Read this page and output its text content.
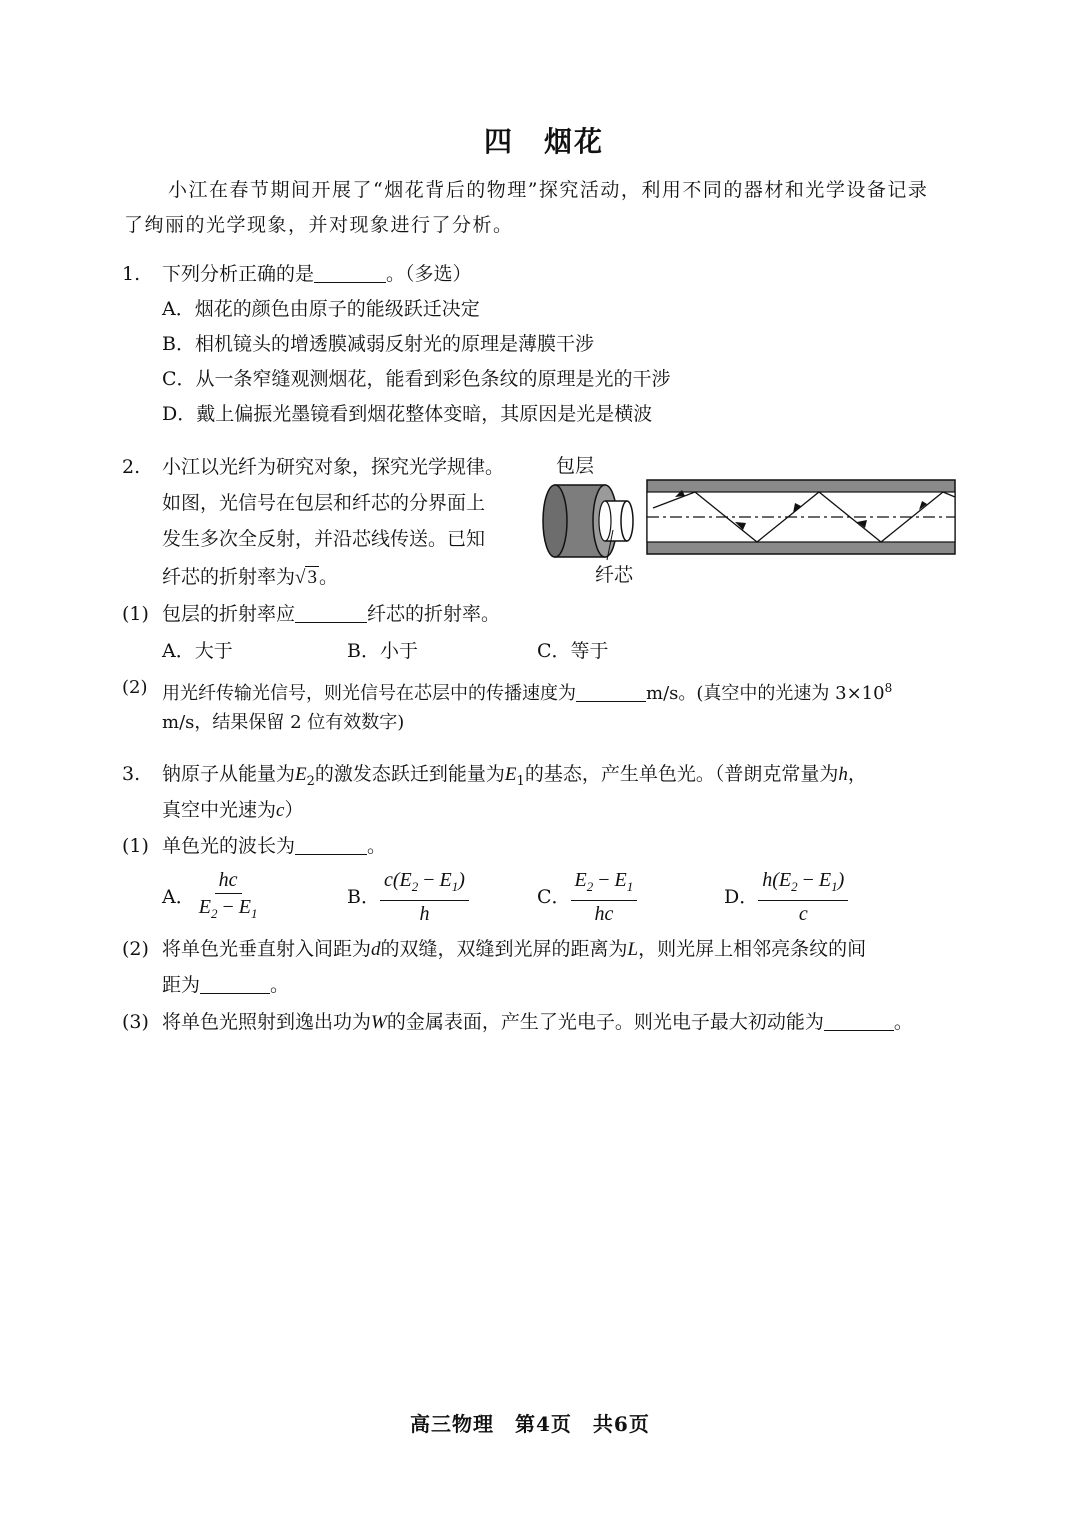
四　烟花
小江在春节期间开展了“烟花背后的物理”探究活动，利用不同的器材和光学设备记录
了绚丽的光学现象，并对现象进行了分析。
1. 下列分析正确的是	。（多选）
A．烟花的颜色由原子的能级跃迁决定
B．相机镜头的增透膜减弱反射光的原理是薄膜干涉
C．从一条窄缝观测烟花，能看到彩色条纹的原理是光的干涉
D．戴上偏振光墨镜看到烟花整体变暗，其原因是光是横波
2. 小江以光纤为研究对象，探究光学规律。
如图，光信号在包层和纤芯的分界面上
发生多次全反射，并沿芯线传送。已知
纤芯的折射率为√ 3 。
包层
纤芯
(1) 包层的折射率应	纤芯的折射率。
A．大于	B．小于	C．等于
(2) 用光纤传输光信号，则光信号在芯层中的传播速度为	m/s。(真空中的光速为 $3\times 10^8$
m/s，结果保留 2 位有效数字)
3. 钠原子从能量为$E_2$的激发态跃迁到能量为$E_1$的基态，产生单色光。（普朗克常量为h，
真空中光速为c）
(1) 单色光的波长为	。
A． $\frac{hc}{E_2 - E_1}$	B． $\frac{c(E_2 - E_1)}{h}$	C． $\frac{E_2 - E_1}{hc}$	D． $\frac{h(E_2 - E_1)}{c}$
(2) 将单色光垂直射入间距为d的双缝，双缝到光屏的距离为L，则光屏上相邻亮条纹的间
距为	。
(3) 将单色光照射到逸出功为W的金属表面，产生了光电子。则光电子最大初动能为	。
高三物理　第4页　共6页
